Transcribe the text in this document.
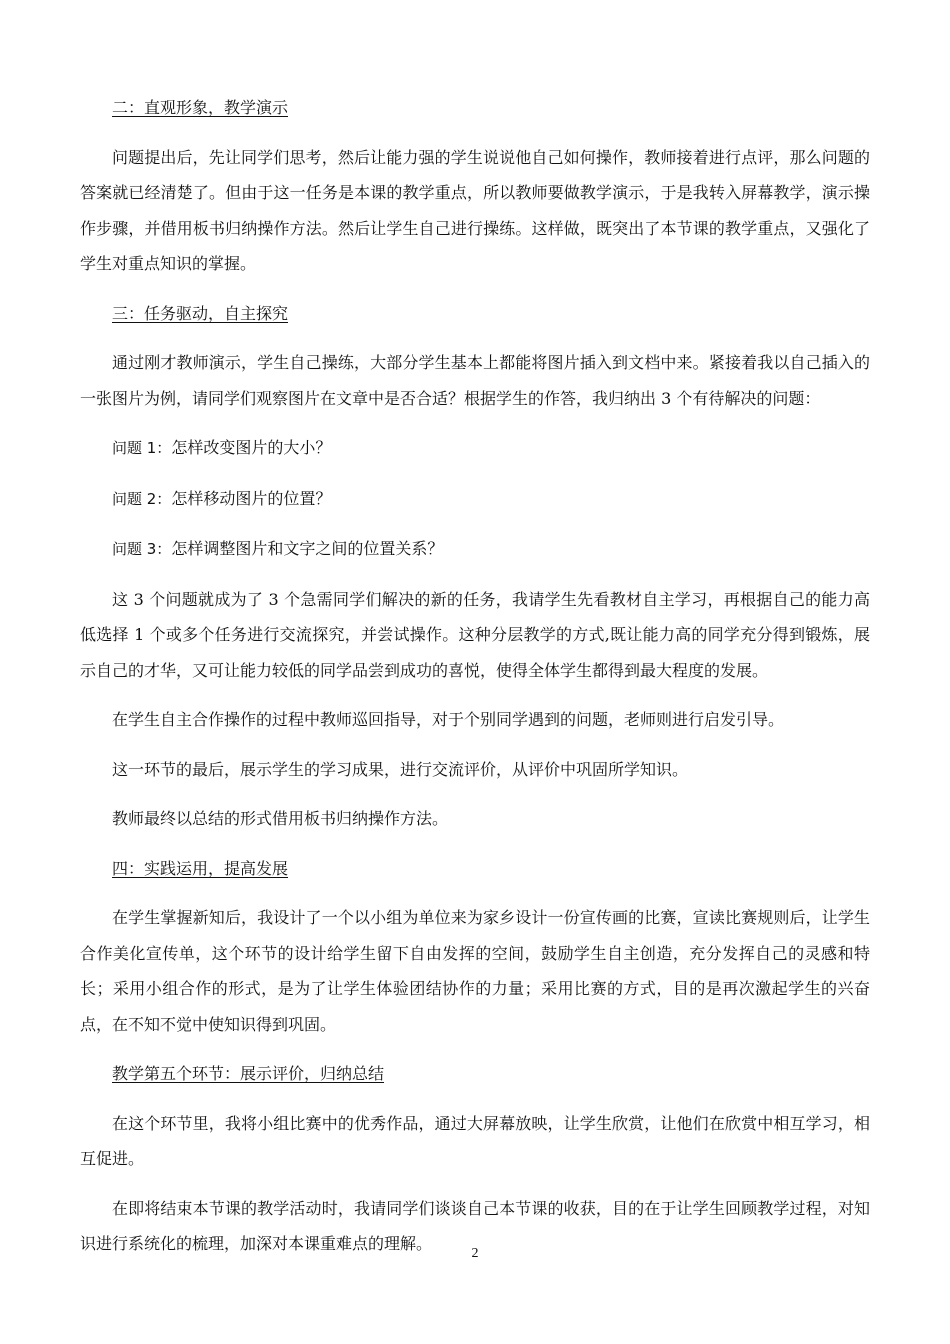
二：直观形象，教学演示

问题提出后，先让同学们思考，然后让能力强的学生说说他自己如何操作，教师接着进行点评，那么问题的答案就已经清楚了。但由于这一任务是本课的教学重点，所以教师要做教学演示，于是我转入屏幕教学，演示操作步骤，并借用板书归纳操作方法。然后让学生自己进行操练。这样做，既突出了本节课的教学重点，又强化了学生对重点知识的掌握。

三：任务驱动，自主探究

通过刚才教师演示，学生自己操练，大部分学生基本上都能将图片插入到文档中来。紧接着我以自己插入的一张图片为例，请同学们观察图片在文章中是否合适？根据学生的作答，我归纳出 3 个有待解决的问题：

问题 1：怎样改变图片的大小？

问题 2：怎样移动图片的位置？

问题 3：怎样调整图片和文字之间的位置关系？

这 3 个问题就成为了 3 个急需同学们解决的新的任务，我请学生先看教材自主学习，再根据自己的能力高低选择 1 个或多个任务进行交流探究，并尝试操作。这种分层教学的方式,既让能力高的同学充分得到锻炼，展示自己的才华，又可让能力较低的同学品尝到成功的喜悦，使得全体学生都得到最大程度的发展。

在学生自主合作操作的过程中教师巡回指导，对于个别同学遇到的问题，老师则进行启发引导。

这一环节的最后，展示学生的学习成果，进行交流评价，从评价中巩固所学知识。

教师最终以总结的形式借用板书归纳操作方法。

四：实践运用，提高发展

在学生掌握新知后，我设计了一个以小组为单位来为家乡设计一份宣传画的比赛，宣读比赛规则后，让学生合作美化宣传单，这个环节的设计给学生留下自由发挥的空间，鼓励学生自主创造，充分发挥自己的灵感和特长；采用小组合作的形式，是为了让学生体验团结协作的力量；采用比赛的方式，目的是再次激起学生的兴奋点，在不知不觉中使知识得到巩固。

教学第五个环节：展示评价，归纳总结

在这个环节里，我将小组比赛中的优秀作品，通过大屏幕放映，让学生欣赏，让他们在欣赏中相互学习，相互促进。

在即将结束本节课的教学活动时，我请同学们谈谈自己本节课的收获，目的在于让学生回顾教学过程，对知识进行系统化的梳理，加深对本课重难点的理解。

2
